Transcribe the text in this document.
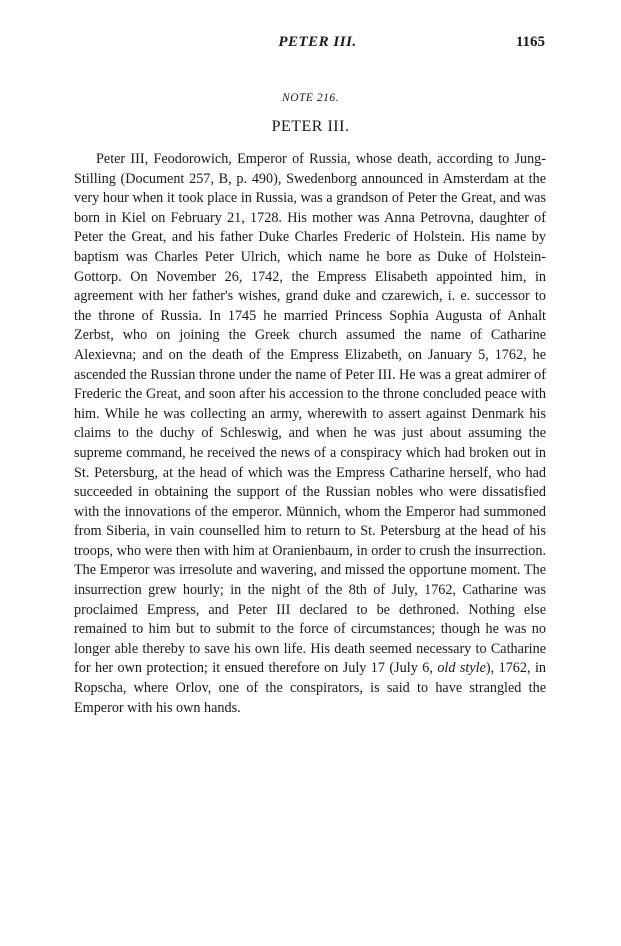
PETER III.	1165
NOTE 216.
PETER III.

Peter III, Feodorowich, Emperor of Russia, whose death, according to Jung-Stilling (Document 257, B, p. 490), Swedenborg announced in Amsterdam at the very hour when it took place in Russia, was a grandson of Peter the Great, and was born in Kiel on February 21, 1728. His mother was Anna Petrovna, daughter of Peter the Great, and his father Duke Charles Frederic of Holstein. His name by baptism was Charles Peter Ulrich, which name he bore as Duke of Holstein-Gottorp. On November 26, 1742, the Empress Elisabeth appointed him, in agreement with her father's wishes, grand duke and czarewich, i. e. successor to the throne of Russia. In 1745 he married Princess Sophia Augusta of Anhalt Zerbst, who on joining the Greek church assumed the name of Catharine Alexievna; and on the death of the Empress Elizabeth, on January 5, 1762, he ascended the Russian throne under the name of Peter III. He was a great admirer of Frederic the Great, and soon after his accession to the throne concluded peace with him. While he was collecting an army, wherewith to assert against Denmark his claims to the duchy of Schleswig, and when he was just about assuming the supreme command, he received the news of a conspiracy which had broken out in St. Petersburg, at the head of which was the Empress Catharine herself, who had succeeded in obtaining the support of the Russian nobles who were dissatisfied with the innovations of the emperor. Münnich, whom the Emperor had summoned from Siberia, in vain counselled him to return to St. Petersburg at the head of his troops, who were then with him at Oranienbaum, in order to crush the insurrection. The Emperor was irresolute and wavering, and missed the opportune moment. The insurrection grew hourly; in the night of the 8th of July, 1762, Catharine was proclaimed Empress, and Peter III declared to be dethroned. Nothing else remained to him but to submit to the force of circumstances; though he was no longer able thereby to save his own life. His death seemed necessary to Catharine for her own protection; it ensued therefore on July 17 (July 6, old style), 1762, in Ropscha, where Orlov, one of the conspirators, is said to have strangled the Emperor with his own hands.
